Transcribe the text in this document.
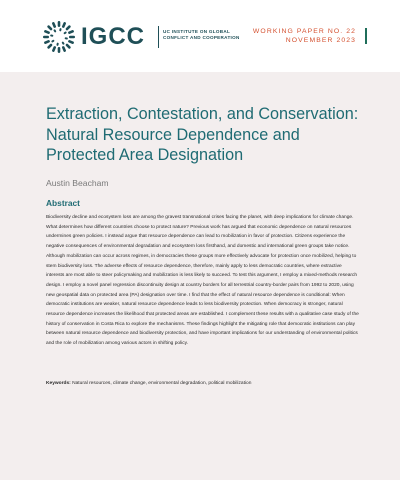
IGCC	UC INSTITUTE ON GLOBAL
CONFLICT AND COOPERATION
WORKING PAPER NO. 22
NOVEMBER 2023
Extraction, Contestation, and Conservation: Natural Resource Dependence and Protected Area Designation
Austin Beacham
Abstract

Biodiversity decline and ecosystem loss are among the gravest transnational crises facing the planet, with deep implications for climate change. What determines how different countries choose to protect nature? Previous work has argued that economic dependence on natural resources undermines green policies. I instead argue that resource dependence can lead to mobilization in favor of protection. Citizens experience the negative consequences of environmental degradation and ecosystem loss firsthand, and domestic and international green groups take notice. Although mobilization can occur across regimes, in democracies these groups more effectively advocate for protection once mobilized, helping to stem biodiversity loss. The adverse effects of resource dependence, therefore, mainly apply to less democratic countries, where extractive interests are most able to steer policymaking and mobilization is less likely to succeed. To test this argument, I employ a mixed-methods research design. I employ a novel panel regression discontinuity design at country borders for all terrestrial country-border pairs from 1992 to 2020, using new geospatial data on protected area (PA) designation over time. I find that the effect of natural resource dependence is conditional: When democratic institutions are weaker, natural resource dependence leads to less biodiversity protection. When democracy is stronger, natural resource dependence increases the likelihood that protected areas are established. I complement these results with a qualitative case study of the history of conservation in Costa Rica to explore the mechanisms. These findings highlight the mitigating role that democratic institutions can play between natural resource dependence and biodiversity protection, and have important implications for our understanding of environmental politics and the role of mobilization among various actors in shifting policy.

Keywords: Natural resources, climate change, environmental degradation, political mobilization
